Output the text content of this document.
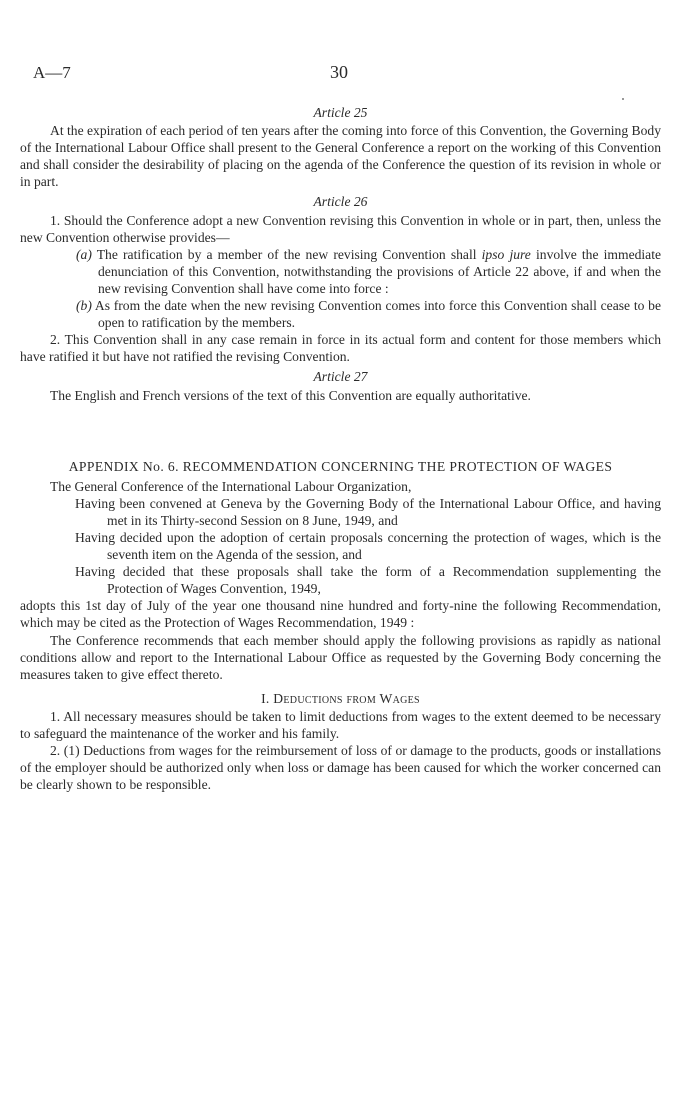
A—7	30

Article 25

At the expiration of each period of ten years after the coming into force of this Convention, the Governing Body of the International Labour Office shall present to the General Conference a report on the working of this Convention and shall consider the desirability of placing on the agenda of the Conference the question of its revision in whole or in part.

Article 26

1. Should the Conference adopt a new Convention revising this Convention in whole or in part, then, unless the new Convention otherwise provides—

(a) The ratification by a member of the new revising Convention shall ipso jure involve the immediate denunciation of this Convention, notwithstanding the provisions of Article 22 above, if and when the new revising Convention shall have come into force :

(b) As from the date when the new revising Convention comes into force this Convention shall cease to be open to ratification by the members.

2. This Convention shall in any case remain in force in its actual form and content for those members which have ratified it but have not ratified the revising Convention.

Article 27

The English and French versions of the text of this Convention are equally authoritative.

APPENDIX No. 6. RECOMMENDATION CONCERNING THE PROTECTION OF WAGES

The General Conference of the International Labour Organization,

Having been convened at Geneva by the Governing Body of the International Labour Office, and having met in its Thirty-second Session on 8 June, 1949, and

Having decided upon the adoption of certain proposals concerning the protection of wages, which is the seventh item on the Agenda of the session, and

Having decided that these proposals shall take the form of a Recommendation supplementing the Protection of Wages Convention, 1949,

adopts this 1st day of July of the year one thousand nine hundred and forty-nine the following Recommendation, which may be cited as the Protection of Wages Recommendation, 1949 :

The Conference recommends that each member should apply the following provisions as rapidly as national conditions allow and report to the International Labour Office as requested by the Governing Body concerning the measures taken to give effect thereto.

I. Deductions from Wages

1. All necessary measures should be taken to limit deductions from wages to the extent deemed to be necessary to safeguard the maintenance of the worker and his family.

2. (1) Deductions from wages for the reimbursement of loss of or damage to the products, goods or installations of the employer should be authorized only when loss or damage has been caused for which the worker concerned can be clearly shown to be responsible.
